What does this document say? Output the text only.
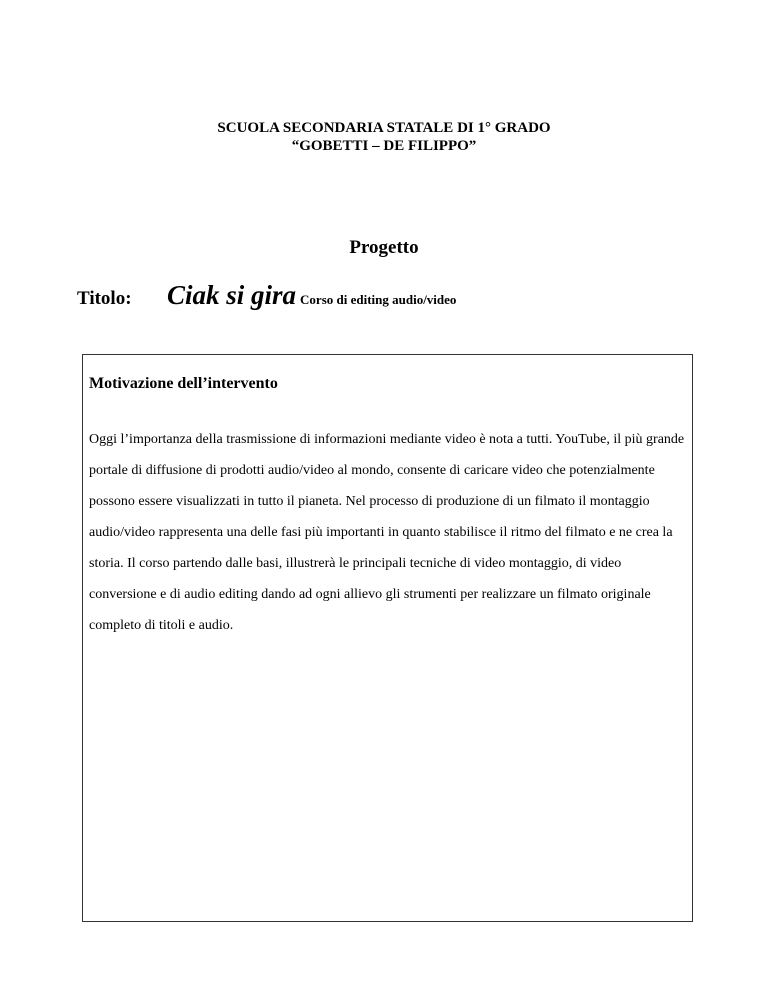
SCUOLA SECONDARIA STATALE DI 1° GRADO
“GOBETTI – DE FILIPPO”
Progetto
Titolo: Ciak si gira Corso di editing audio/video
Motivazione dell’intervento
Oggi l’importanza della trasmissione di informazioni mediante video è nota a tutti. YouTube, il più grande portale di diffusione di prodotti audio/video al mondo, consente di caricare video che potenzialmente possono essere visualizzati in tutto il pianeta. Nel processo di produzione di un filmato il montaggio audio/video rappresenta una delle fasi più importanti in quanto stabilisce il ritmo del filmato e ne crea la storia. Il corso partendo dalle basi, illustrerà le principali tecniche di video montaggio, di video conversione e di audio editing dando ad ogni allievo gli strumenti per realizzare un filmato originale completo di titoli e audio.
